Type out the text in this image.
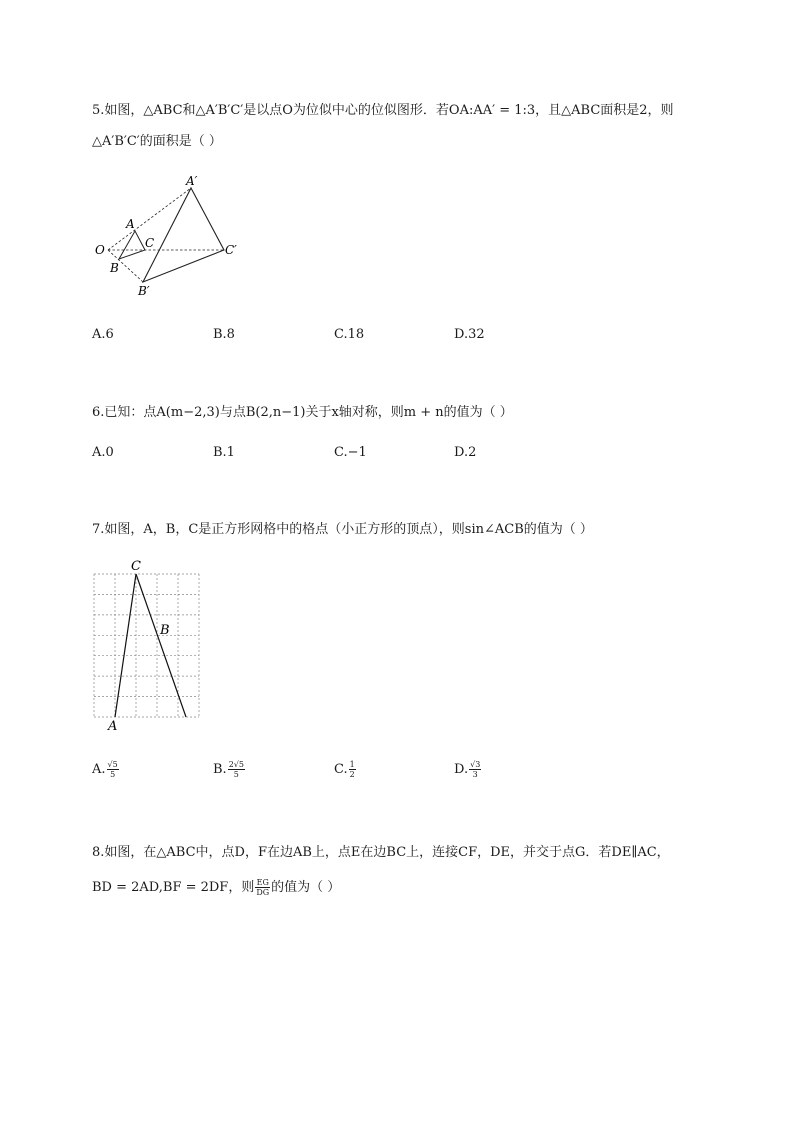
5.如图，△ABC和△A′B′C′是以点O为位似中心的位似图形．若OA:AA′ = 1:3，且△ABC面积是2，则
△A′B′C′的面积是（ ）
A′
A
O	C	C′
B
B′
A.6	B.8	C.18	D.32
6.已知：点A(m−2,3)与点B(2,n−1)关于x轴对称，则m + n的值为（ ）
A.0	B.1	C.−1	D.2
7.如图，A，B，C是正方形网格中的格点（小正方形的顶点），则sin∠ACB的值为（ ）
C
B
A
A. $\frac{√5}{5}$	B. $\frac{2√5}{5}$	C. $\frac{1}{2}$	D. $\frac{√3}{3}$
8.如图，在△ABC中，点D，F在边AB上，点E在边BC上，连接CF，DE，并交于点G．若DE∥AC，
BD = 2AD,BF = 2DF，则 $\frac{EG}{DG}$ 的值为（ ）
